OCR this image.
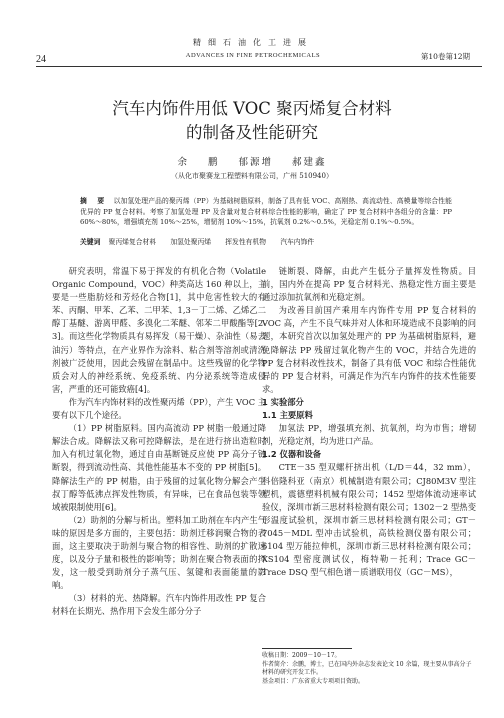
24
精细石油化工进展
ADVANCES IN FINE PETROCHEMICALS	第10卷第12期
汽车内饰件用低 VOC 聚丙烯复合材料
的制备及性能研究
余 鹏 郁源增 郝建鑫
（从化市聚赛龙工程塑料有限公司，广州 510940）
摘 要 以加氢处理产品的聚丙烯（PP）为基础树脂原料，制备了具有低 VOC、高刚热、高流动性、高模量等综合性能优异的 PP 复合材料。考察了加氢处理 PP 及含量对复合材料综合性能的影响，确定了 PP 复合材料中各组分的含量：PP 60%～80%，增强填充剂 10%～25%，增韧剂 10%～15%，抗氧剂 0.2%～0.5%，光稳定剂 0.1%～0.5%。
关键词 聚丙烯复合材料 加氢处聚丙烯 挥发性有机物 汽车内饰件

研究表明，常温下易于挥发的有机化合物（Volatile Organic Compound，VOC）种类高达 160 种以上，主要是一些脂肪烃和芳烃化合物[1]，其中危害性较大的有苯、丙酮、甲苯、乙苯、二甲苯、1,3－丁二烯、乙烯乙二醇丁基醚、游离甲醛、多溴化二苯醚、邻苯二甲酸酯等[2-3]。而这些化学物质具有易挥发（易干燥）、杂油性（易去油污）等特点，在产业界作为涂料、粘合剂等溶剂或清洗剂被广泛使用，因此会残留在制品中。这些残留的化学物质会对人的神经系统、免疫系统、内分泌系统等造成侵害，严重的还可能致癌[4]。

作为汽车内饰材料的改性聚丙烯（PP），产生 VOC 主要有以下几个途径。

（1）PP 树脂原料。国内高流动 PP 树脂一般通过降解法合成。降解法又称可控降解法，是在进行挤出造粒时加入有机过氧化物，通过自由基断链反应使 PP 高分子链断裂，得到流动性高、其他性能基本不变的 PP 树脂[5]。降解法生产的 PP 树脂，由于残留的过氧化物分解会产生叔丁醇等低沸点挥发性物质，有异味，已在食品包装等领域被限制使用[6]。

（2）助剂的分解与析出。塑料加工助剂在车内产生气味的原因是多方面的，主要包括：助剂迁移润聚合物的表面，这主要取决于助剂与聚合物的相容性、助剂的扩散速度，以及分子量和极性的影响等；助剂在聚合物表面的挥发，这一般受到助剂分子蒸气压、氢键和表面能量的影响。

（3）材料的光、热降解。汽车内饰件用改性 PP 复合材料在长期光、热作用下会发生部分分子

链断裂、降解，由此产生低分子量挥发性物质。目前，国内外在提高 PP 复合材料光、热稳定性方面主要是通过添加抗氧剂和光稳定剂。

为改善目前国产乘用车内饰件专用 PP 复合材料的 VOC 高，产生不良气味并对人体和环境造成不良影响的问题，本研究首次以加氢处理产的 PP 为基础树脂原料，避免降解法 PP 残留过氧化物产生的 VOC，并结合先进的 PP 复合材料改性技术，制备了具有低 VOC 和综合性能优异的 PP 复合材料，可满足作为汽车内饰件的技术性能要求。

1 实验部分

1.1 主要原料

加氢法 PP，增强填充剂、抗氧剂，均为市售；增韧剂，光稳定剂，均为进口产品。

1.2 仪器和设备

CTE－35 型双螺杆挤出机（L/D＝44，32 mm），科倍隆科亚（南京）机械制造有限公司；CJ80M3V 型注塑机，震德塑料机械有限公司；1452 型熔体流动速率试验仪，深圳市新三思材料检测有限公司；1302－2 型热变形温度试验机，深圳市新三思材料检测有限公司；GT－7045－MDL 型冲击试验机，高铁检测仪器有限公司；6104 型万能拉伸机，深圳市新三思材料检测有限公司；XS104 型密度测试仪，梅特勒－托利；Trace GC－Trace DSQ 型气相色谱－质谱联用仪（GC－MS），

收稿日期：2009－10－17。
作者简介：余鹏，博士，已在国内外杂志发表论文 10 余篇，现主要从事高分子材料的研究开发工作。
基金项目：广东省重大专项项目资助。
